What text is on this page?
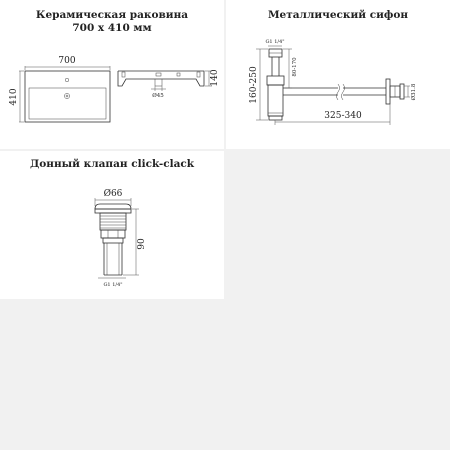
Керамическая раковина
700 х 410 мм
700
410	Ø45
140
Металлический сифон
G1 1/4"
80-170
160-250
325-340
Ø31.8
Донный клапан click-clack
Ø66
90
G1 1/4"
